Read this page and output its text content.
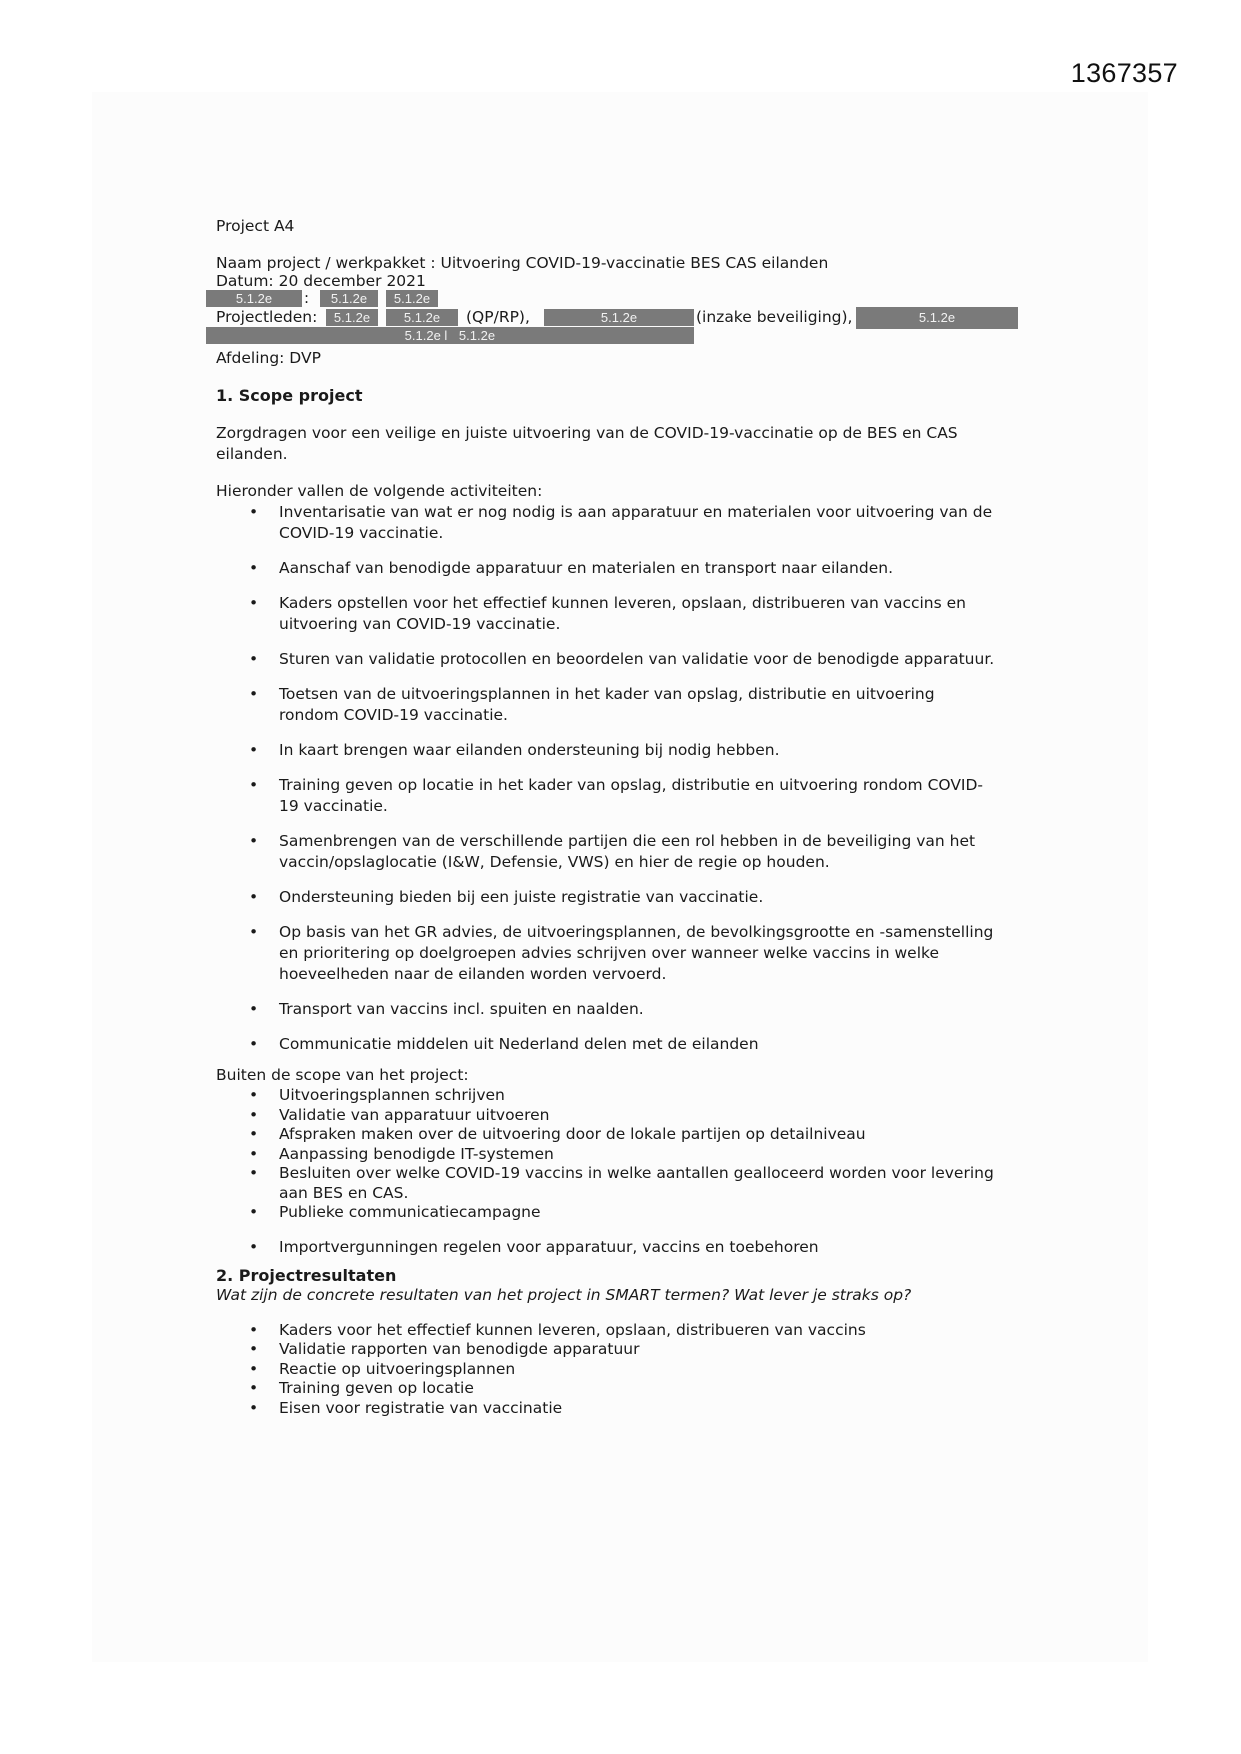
1367357
Project A4
Naam project / werkpakket : Uitvoering COVID-19-vaccinatie BES CAS eilanden
Datum: 20 december 2021
5.1.2e	:	5.1.2e	5.1.2e
Projectleden:	5.1.2e	5.1.2e	(QP/RP),	5.1.2e	(inzake beveiliging),	5.1.2e
5.1.2e l 5.1.2e
Afdeling: DVP
1. Scope project
Zorgdragen voor een veilige en juiste uitvoering van de COVID-19-vaccinatie op de BES en CAS
eilanden.
Hieronder vallen de volgende activiteiten:
• Inventarisatie van wat er nog nodig is aan apparatuur en materialen voor uitvoering van de
COVID-19 vaccinatie.
• Aanschaf van benodigde apparatuur en materialen en transport naar eilanden.
• Kaders opstellen voor het effectief kunnen leveren, opslaan, distribueren van vaccins en
uitvoering van COVID-19 vaccinatie.
• Sturen van validatie protocollen en beoordelen van validatie voor de benodigde apparatuur.
• Toetsen van de uitvoeringsplannen in het kader van opslag, distributie en uitvoering
rondom COVID-19 vaccinatie.
• In kaart brengen waar eilanden ondersteuning bij nodig hebben.
• Training geven op locatie in het kader van opslag, distributie en uitvoering rondom COVID-
19 vaccinatie.
• Samenbrengen van de verschillende partijen die een rol hebben in de beveiliging van het
vaccin/opslaglocatie (I&W, Defensie, VWS) en hier de regie op houden.
• Ondersteuning bieden bij een juiste registratie van vaccinatie.
• Op basis van het GR advies, de uitvoeringsplannen, de bevolkingsgrootte en -samenstelling
en prioritering op doelgroepen advies schrijven over wanneer welke vaccins in welke
hoeveelheden naar de eilanden worden vervoerd.
• Transport van vaccins incl. spuiten en naalden.
• Communicatie middelen uit Nederland delen met de eilanden
Buiten de scope van het project:
• Uitvoeringsplannen schrijven
• Validatie van apparatuur uitvoeren
• Afspraken maken over de uitvoering door de lokale partijen op detailniveau
• Aanpassing benodigde IT-systemen
• Besluiten over welke COVID-19 vaccins in welke aantallen gealloceerd worden voor levering
aan BES en CAS.
• Publieke communicatiecampagne
• Importvergunningen regelen voor apparatuur, vaccins en toebehoren
2. Projectresultaten
Wat zijn de concrete resultaten van het project in SMART termen? Wat lever je straks op?
• Kaders voor het effectief kunnen leveren, opslaan, distribueren van vaccins
• Validatie rapporten van benodigde apparatuur
• Reactie op uitvoeringsplannen
• Training geven op locatie
• Eisen voor registratie van vaccinatie
